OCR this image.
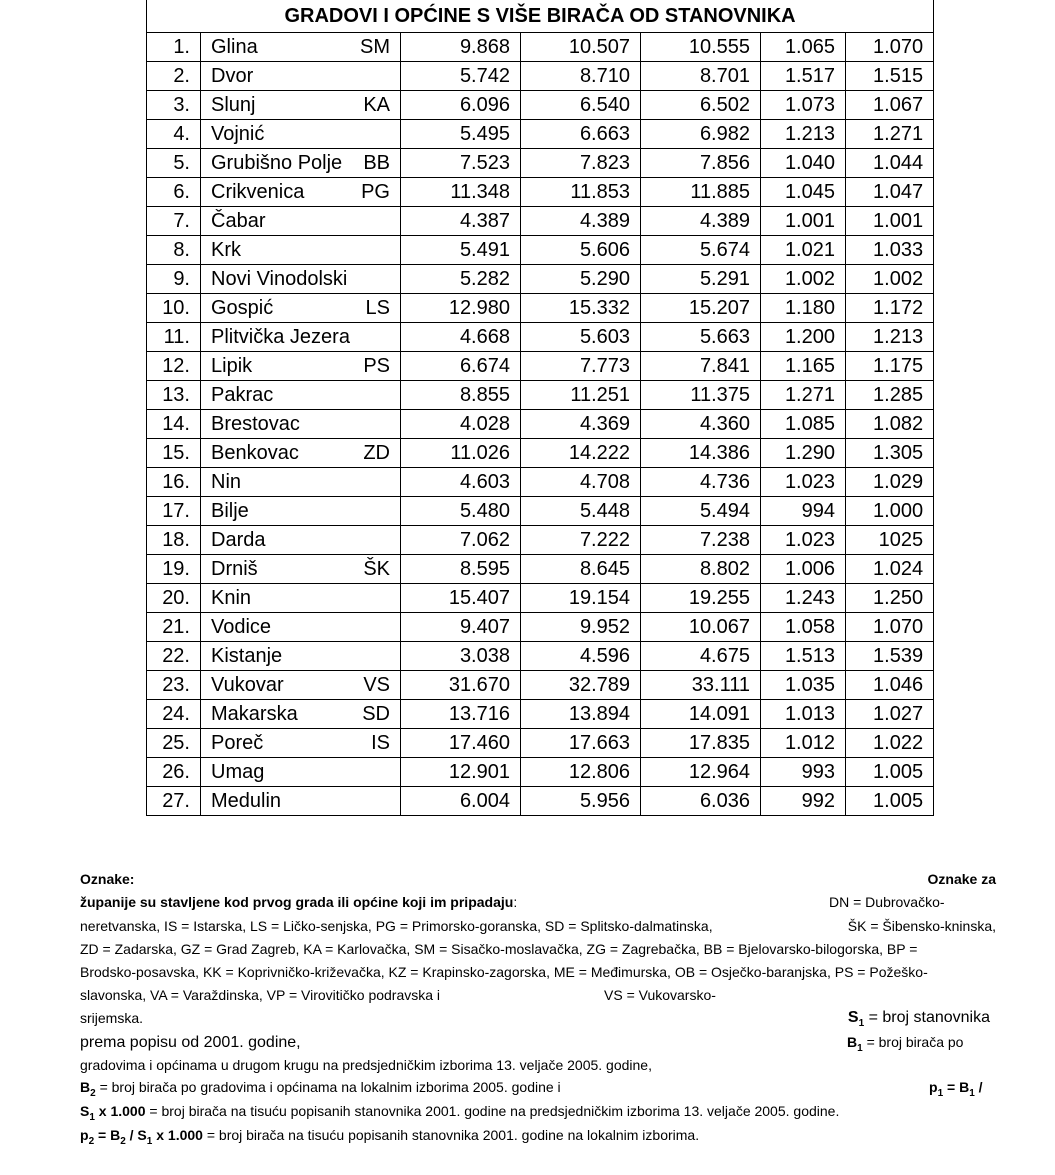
GRADOVI I OPĆINE S VIŠE BIRAČA OD STANOVNIKA						
1.	Glina SM	9.868	10.507	10.555	1.065	1.070
2.	Dvor	5.742	8.710	8.701	1.517	1.515
3.	Slunj KA	6.096	6.540	6.502	1.073	1.067
4.	Vojnić	5.495	6.663	6.982	1.213	1.271
5.	Grubišno Polje BB	7.523	7.823	7.856	1.040	1.044
6.	Crikvenica PG	11.348	11.853	11.885	1.045	1.047
7.	Čabar	4.387	4.389	4.389	1.001	1.001
8.	Krk	5.491	5.606	5.674	1.021	1.033
9.	Novi Vinodolski	5.282	5.290	5.291	1.002	1.002
10.	Gospić LS	12.980	15.332	15.207	1.180	1.172
11.	Plitvička Jezera	4.668	5.603	5.663	1.200	1.213
12.	Lipik PS	6.674	7.773	7.841	1.165	1.175
13.	Pakrac	8.855	11.251	11.375	1.271	1.285
14.	Brestovac	4.028	4.369	4.360	1.085	1.082
15.	Benkovac ZD	11.026	14.222	14.386	1.290	1.305
16.	Nin	4.603	4.708	4.736	1.023	1.029
17.	Bilje	5.480	5.448	5.494	994	1.000
18.	Darda	7.062	7.222	7.238	1.023	1025
19.	Drniš ŠK	8.595	8.645	8.802	1.006	1.024
20.	Knin	15.407	19.154	19.255	1.243	1.250
21.	Vodice	9.407	9.952	10.067	1.058	1.070
22.	Kistanje	3.038	4.596	4.675	1.513	1.539
23.	Vukovar VS	31.670	32.789	33.111	1.035	1.046
24.	Makarska SD	13.716	13.894	14.091	1.013	1.027
25.	Poreč IS	17.460	17.663	17.835	1.012	1.022
26.	Umag	12.901	12.806	12.964	993	1.005
27.	Medulin	6.004	5.956	6.036	992	1.005
Oznake:	Oznake za
županije su stavljene kod prvog grada ili općine koji im pripadaju:	DN = Dubrovačko-
neretvanska, IS = Istarska, LS = Ličko-senjska, PG = Primorsko-goranska, SD = Splitsko-dalmatinska,	ŠK = Šibensko-kninska,
ZD = Zadarska, GZ = Grad Zagreb, KA = Karlovačka, SM = Sisačko-moslavačka, ZG = Zagrebačka, BB = Bjelovarsko-bilogorska, BP =
Brodsko-posavska, KK = Koprivničko-križevačka, KZ = Krapinsko-zagorska, ME = Međimurska, OB = Osječko-baranjska, PS = Požeško-
slavonska, VA = Varaždinska, VP = Virovitičko podravska i	VS = Vukovarsko-
srijemska.	$S_1$ = broj stanovnika
prema popisu od 2001. godine,	$B_1$ = broj birača po
gradovima i općinama u drugom krugu na predsjedničkim izborima 13. veljače 2005. godine,
$B_2$ = broj birača po gradovima i općinama na lokalnim izborima 2005. godine i	$p_1 = B_1$ /
$S_1$ x 1.000 = broj birača na tisuću popisanih stanovnika 2001. godine na predsjedničkim izborima 13. veljače 2005. godine.
$p_2 = B_2 / S_1$ x 1.000 = broj birača na tisuću popisanih stanovnika 2001. godine na lokalnim izborima.
